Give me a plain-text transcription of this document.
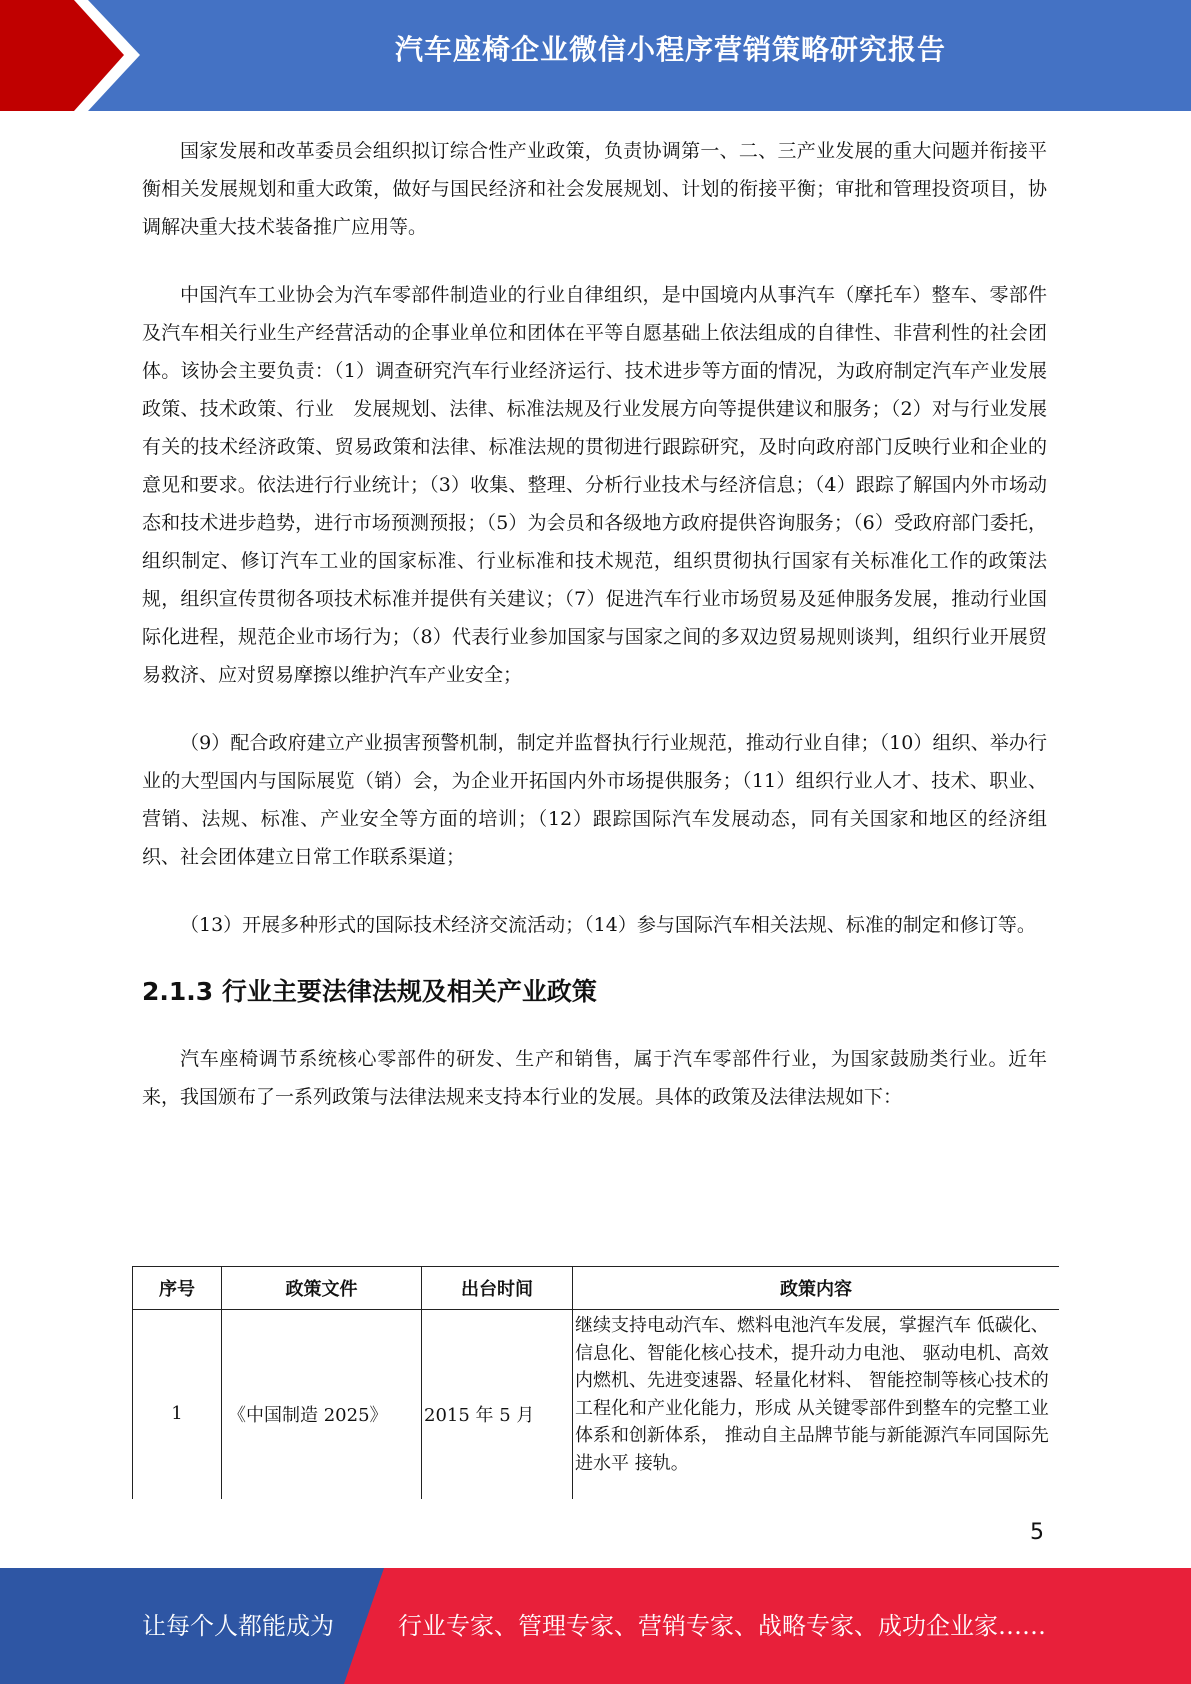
汽车座椅企业微信小程序营销策略研究报告

国家发展和改革委员会组织拟订综合性产业政策，负责协调第一、二、三产业发展的重大问题并衔接平衡相关发展规划和重大政策，做好与国民经济和社会发展规划、计划的衔接平衡；审批和管理投资项目，协调解决重大技术装备推广应用等。

中国汽车工业协会为汽车零部件制造业的行业自律组织，是中国境内从事汽车（摩托车）整车、零部件及汽车相关行业生产经营活动的企事业单位和团体在平等自愿基础上依法组成的自律性、非营利性的社会团体。该协会主要负责：（1）调查研究汽车行业经济运行、技术进步等方面的情况，为政府制定汽车产业发展政策、技术政策、行业　发展规划、法律、标准法规及行业发展方向等提供建议和服务；（2）对与行业发展有关的技术经济政策、贸易政策和法律、标准法规的贯彻进行跟踪研究，及时向政府部门反映行业和企业的意见和要求。依法进行行业统计；（3）收集、整理、分析行业技术与经济信息；（4）跟踪了解国内外市场动态和技术进步趋势，进行市场预测预报；（5）为会员和各级地方政府提供咨询服务；（6）受政府部门委托，组织制定、修订汽车工业的国家标准、行业标准和技术规范，组织贯彻执行国家有关标准化工作的政策法规，组织宣传贯彻各项技术标准并提供有关建议；（7）促进汽车行业市场贸易及延伸服务发展，推动行业国际化进程，规范企业市场行为；（8）代表行业参加国家与国家之间的多双边贸易规则谈判，组织行业开展贸易救济、应对贸易摩擦以维护汽车产业安全；

（9）配合政府建立产业损害预警机制，制定并监督执行行业规范，推动行业自律；（10）组织、举办行业的大型国内与国际展览（销）会，为企业开拓国内外市场提供服务；（11）组织行业人才、技术、职业、营销、法规、标准、产业安全等方面的培训；（12）跟踪国际汽车发展动态，同有关国家和地区的经济组织、社会团体建立日常工作联系渠道；

（13）开展多种形式的国际技术经济交流活动；（14）参与国际汽车相关法规、标准的制定和修订等。

2.1.3 行业主要法律法规及相关产业政策

汽车座椅调节系统核心零部件的研发、生产和销售，属于汽车零部件行业，为国家鼓励类行业。近年来，我国颁布了一系列政策与法律法规来支持本行业的发展。具体的政策及法律法规如下：

序号	政策文件	出台时间	政策内容
1	《中国制造 2025》	2015 年 5 月	继续支持电动汽车、燃料电池汽车发展，掌握汽车 低碳化、信息化、智能化核心技术，提升动力电池、 驱动电机、高效内燃机、先进变速器、轻量化材料、 智能控制等核心技术的工程化和产业化能力，形成 从关键零部件到整车的完整工业体系和创新体系， 推动自主品牌节能与新能源汽车同国际先进水平 接轨。
5
让每个人都能成为	行业专家、管理专家、营销专家、战略专家、成功企业家……
